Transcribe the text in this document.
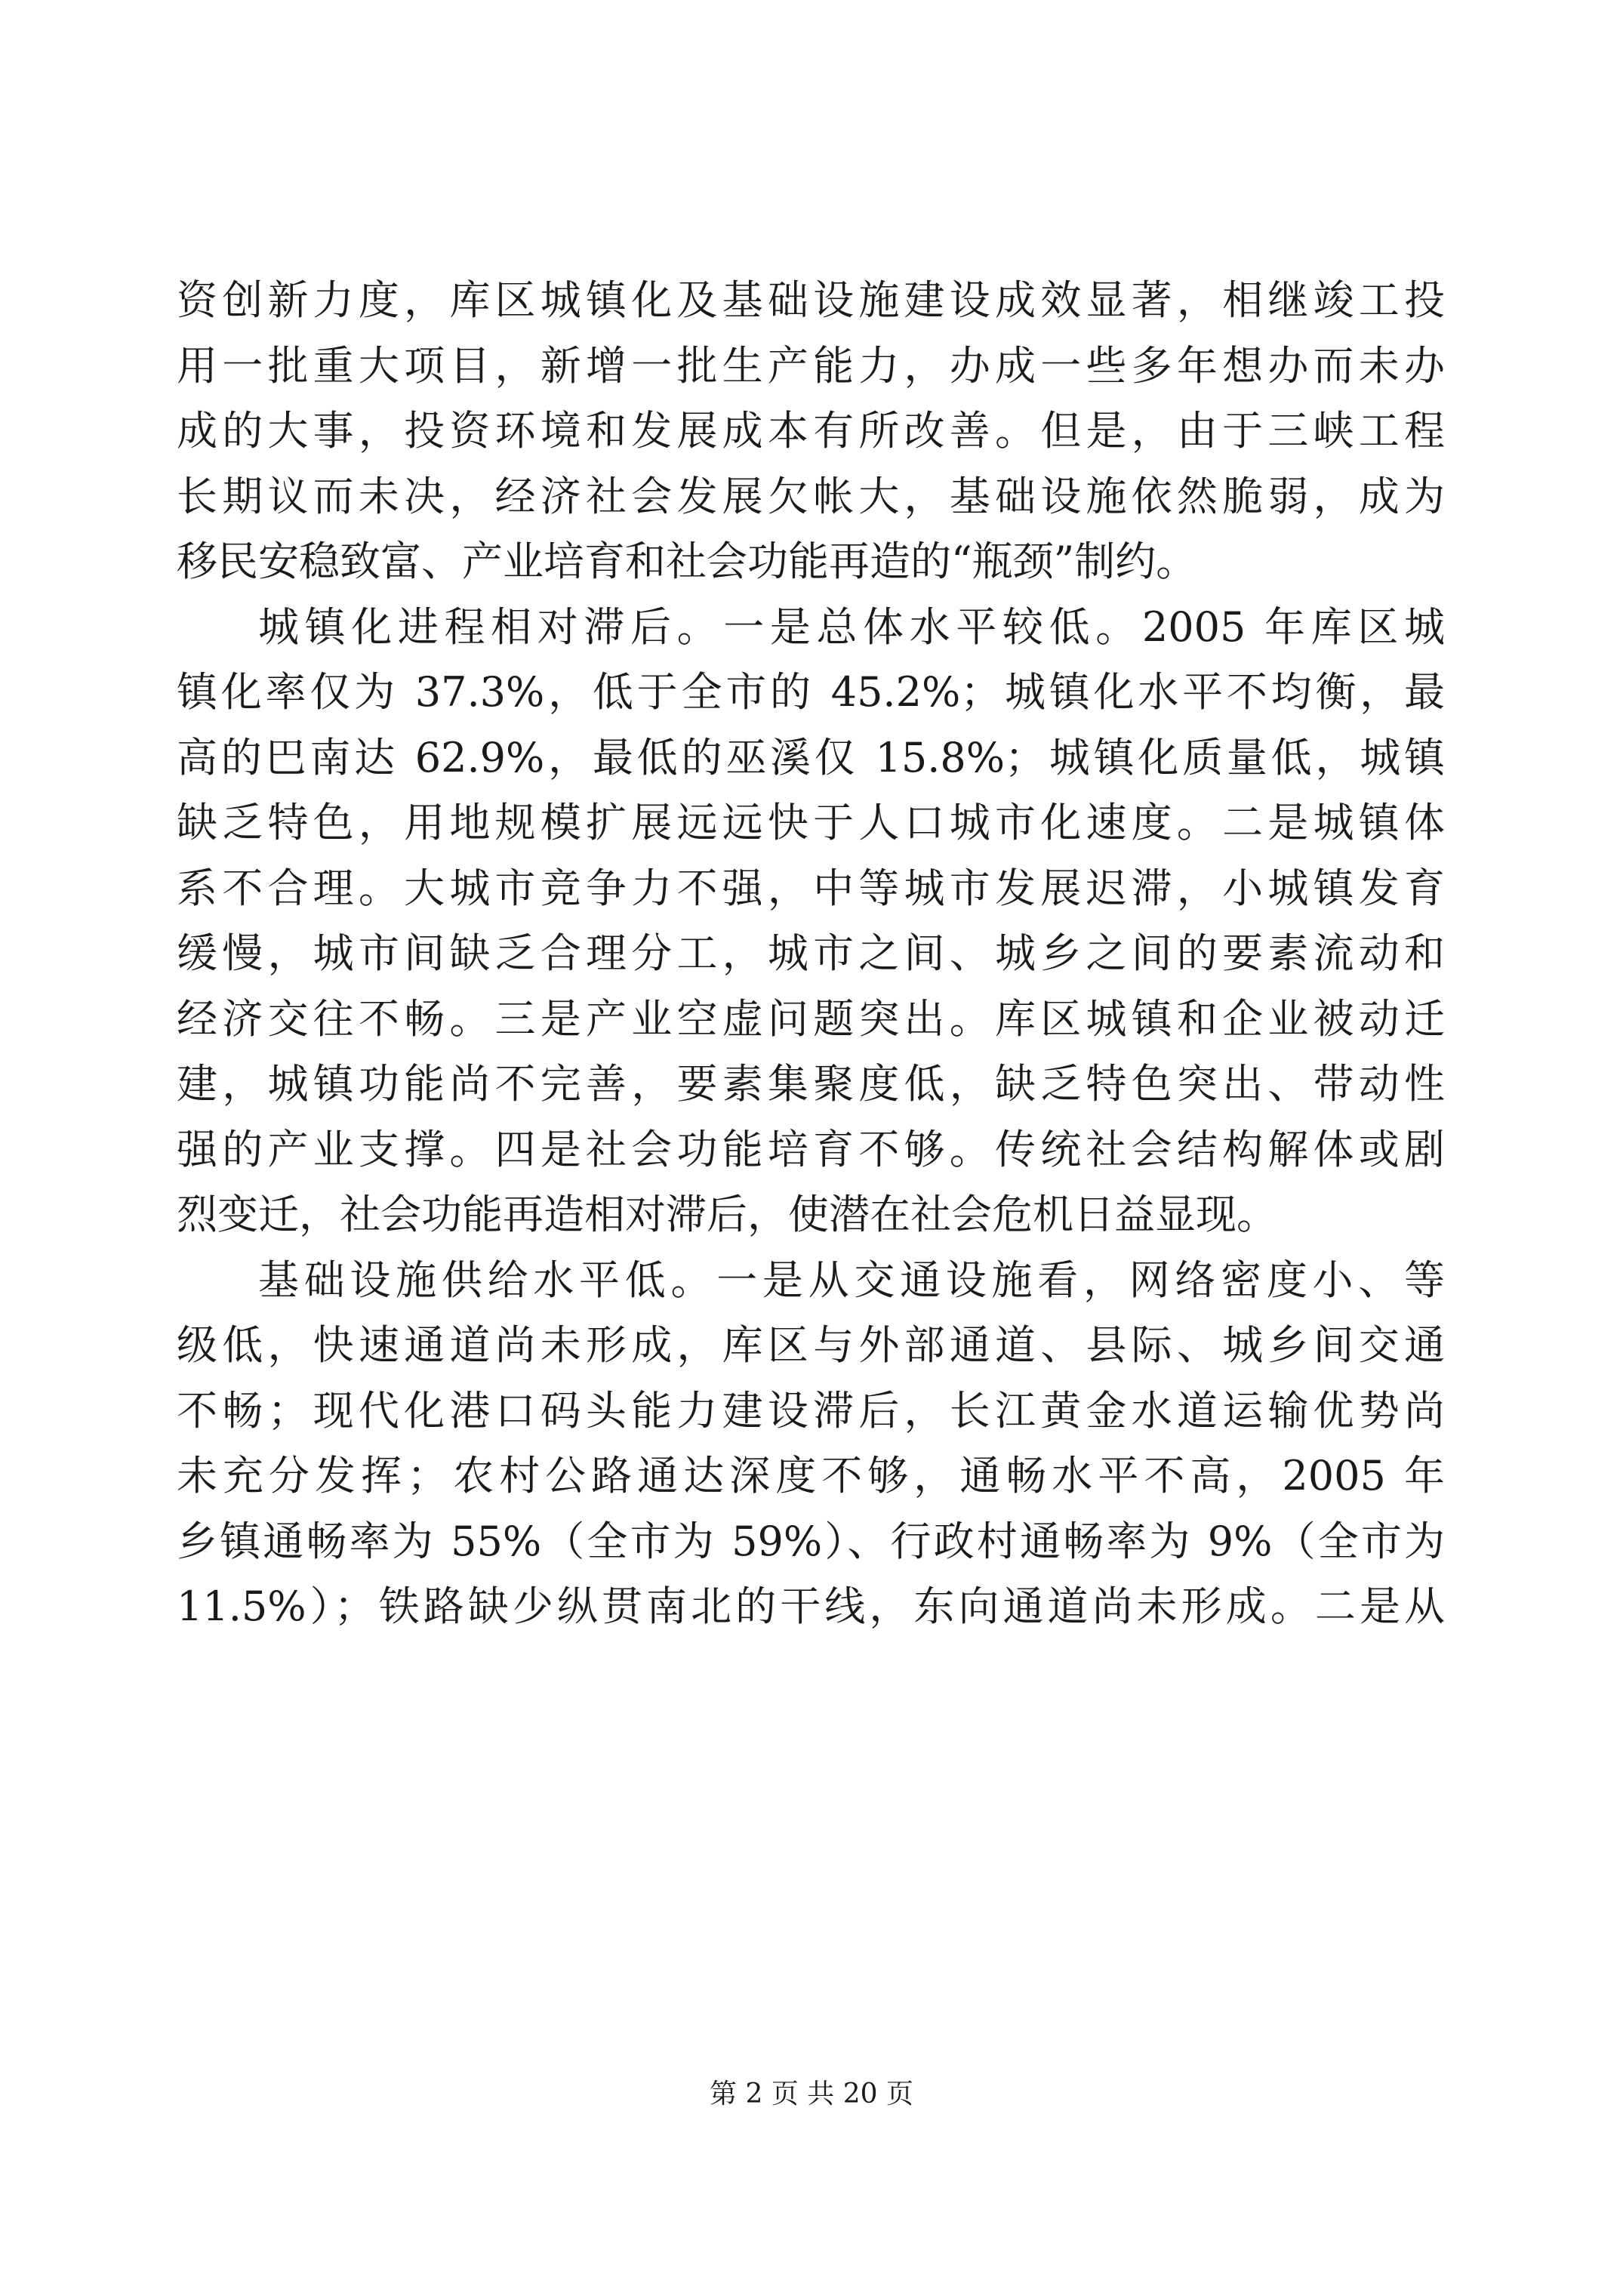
资创新力度，库区城镇化及基础设施建设成效显著，相继竣工投
用一批重大项目，新增一批生产能力，办成一些多年想办而未办
成的大事，投资环境和发展成本有所改善。但是，由于三峡工程
长期议而未决，经济社会发展欠帐大，基础设施依然脆弱，成为
移民安稳致富、产业培育和社会功能再造的“瓶颈”制约。
城镇化进程相对滞后。一是总体水平较低。2005 年库区城
镇化率仅为 37.3%，低于全市的 45.2%；城镇化水平不均衡，最
高的巴南达 62.9%，最低的巫溪仅 15.8%；城镇化质量低，城镇
缺乏特色，用地规模扩展远远快于人口城市化速度。二是城镇体
系不合理。大城市竞争力不强，中等城市发展迟滞，小城镇发育
缓慢，城市间缺乏合理分工，城市之间、城乡之间的要素流动和
经济交往不畅。三是产业空虚问题突出。库区城镇和企业被动迁
建，城镇功能尚不完善，要素集聚度低，缺乏特色突出、带动性
强的产业支撑。四是社会功能培育不够。传统社会结构解体或剧
烈变迁，社会功能再造相对滞后，使潜在社会危机日益显现。
基础设施供给水平低。一是从交通设施看，网络密度小、等
级低，快速通道尚未形成，库区与外部通道、县际、城乡间交通
不畅；现代化港口码头能力建设滞后，长江黄金水道运输优势尚
未充分发挥；农村公路通达深度不够，通畅水平不高，2005 年
乡镇通畅率为 55%（全市为 59%）、行政村通畅率为 9%（全市为
11.5%）；铁路缺少纵贯南北的干线，东向通道尚未形成。二是从
第 2 页 共 20 页
